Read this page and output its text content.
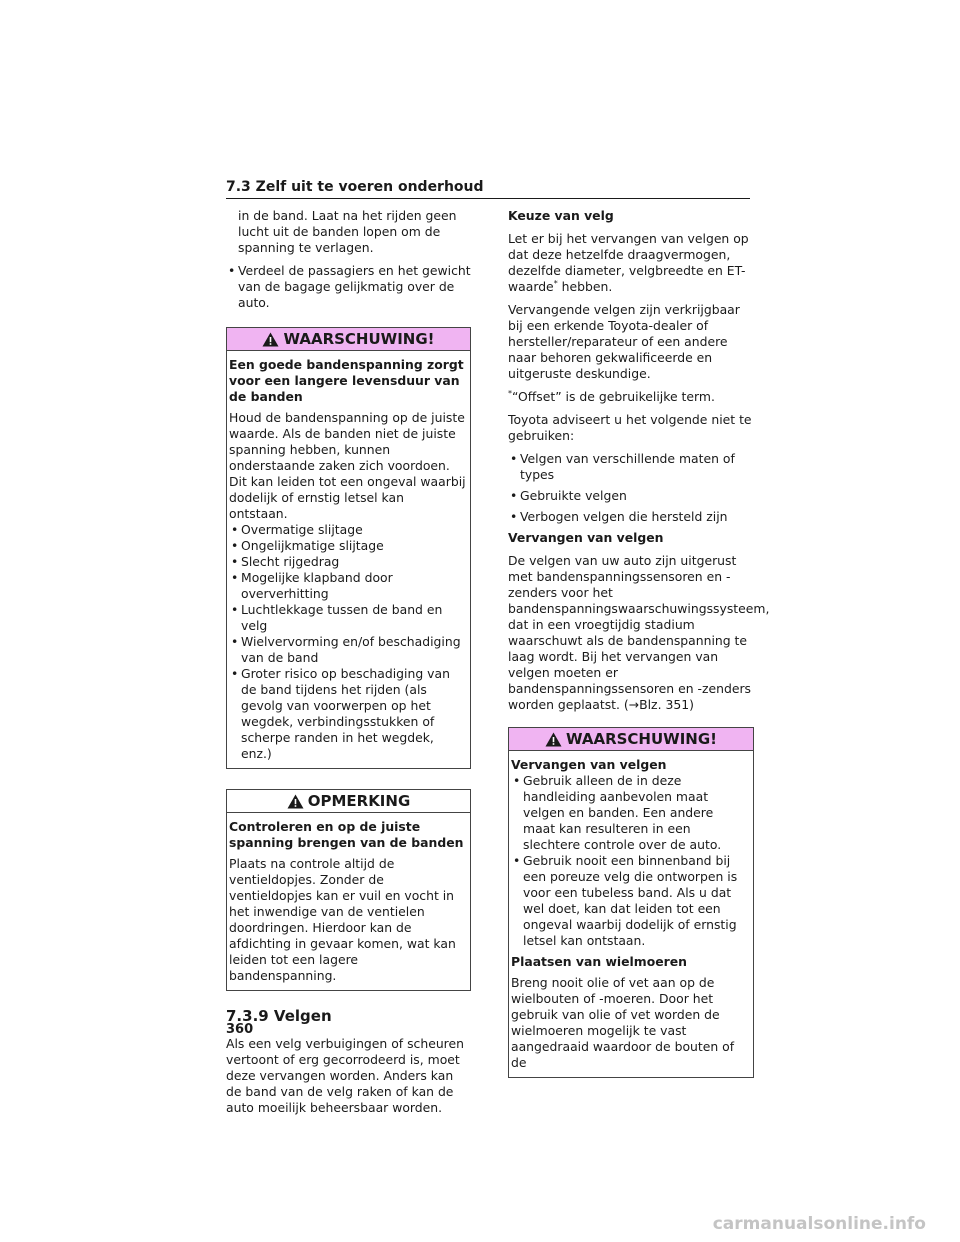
7.3 Zelf uit te voeren onderhoud

in de band. Laat na het rijden geen lucht uit de banden lopen om de spanning te verlagen.

• Verdeel de passagiers en het gewicht van de bagage gelijkmatig over de auto.

WAARSCHUWING!

Een goede bandenspanning zorgt voor een langere levensduur van de banden

Houd de bandenspanning op de juiste waarde. Als de banden niet de juiste spanning hebben, kunnen onderstaande zaken zich voordoen. Dit kan leiden tot een ongeval waarbij dodelijk of ernstig letsel kan ontstaan.

• Overmatige slijtage
• Ongelijkmatige slijtage
• Slecht rijgedrag
• Mogelijke klapband door oververhitting
• Luchtlekkage tussen de band en velg
• Wielvervorming en/of beschadiging van de band
• Groter risico op beschadiging van de band tijdens het rijden (als gevolg van voorwerpen op het wegdek, verbindingsstukken of scherpe randen in het wegdek, enz.)
OPMERKING

Controleren en op de juiste spanning brengen van de banden

Plaats na controle altijd de ventieldopjes. Zonder de ventieldopjes kan er vuil en vocht in het inwendige van de ventielen doordringen. Hierdoor kan de afdichting in gevaar komen, wat kan leiden tot een lagere bandenspanning.

7.3.9 Velgen

Als een velg verbuigingen of scheuren vertoont of erg gecorrodeerd is, moet deze vervangen worden. Anders kan de band van de velg raken of kan de auto moeilijk beheersbaar worden.

Keuze van velg

Let er bij het vervangen van velgen op dat deze hetzelfde draagvermogen, dezelfde diameter, velgbreedte en ET-waarde* hebben.

Vervangende velgen zijn verkrijgbaar bij een erkende Toyota-dealer of hersteller/reparateur of een andere naar behoren gekwalificeerde en uitgeruste deskundige.

*“Offset” is de gebruikelijke term.

Toyota adviseert u het volgende niet te gebruiken:

• Velgen van verschillende maten of types

• Gebruikte velgen

• Verbogen velgen die hersteld zijn

Vervangen van velgen

De velgen van uw auto zijn uitgerust met bandenspanningssensoren en -zenders voor het bandenspanningswaarschuwingssysteem, dat in een vroegtijdig stadium waarschuwt als de bandenspanning te laag wordt. Bij het vervangen van velgen moeten er bandenspanningssensoren en -zenders worden geplaatst. (→Blz. 351)

WAARSCHUWING!

Vervangen van velgen

• Gebruik alleen de in deze handleiding aanbevolen maat velgen en banden. Een andere maat kan resulteren in een slechtere controle over de auto.
• Gebruik nooit een binnenband bij een poreuze velg die ontworpen is voor een tubeless band. Als u dat wel doet, kan dat leiden tot een ongeval waarbij dodelijk of ernstig letsel kan ontstaan.

Plaatsen van wielmoeren

Breng nooit olie of vet aan op de wielbouten of -moeren. Door het gebruik van olie of vet worden de wielmoeren mogelijk te vast aangedraaid waardoor de bouten of de

360
carmanualsonline.info
